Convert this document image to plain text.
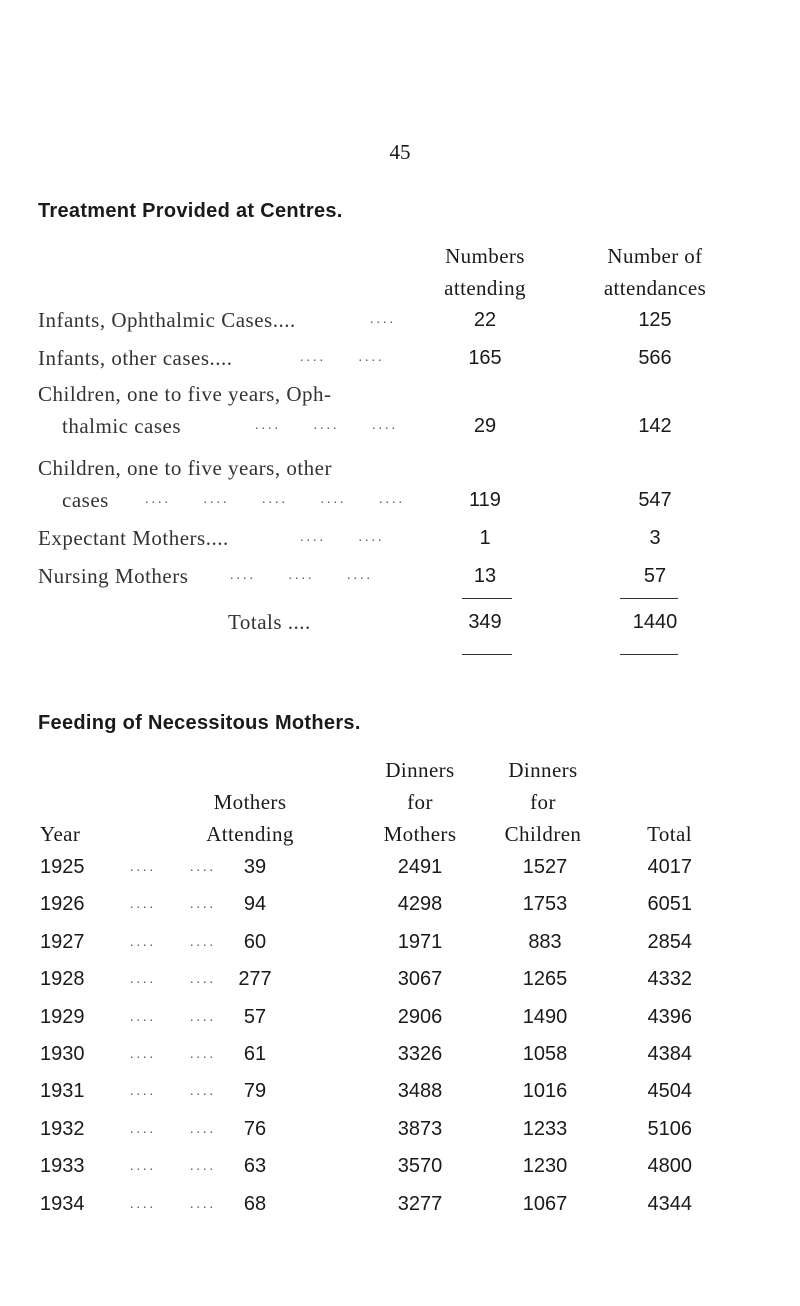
45
Treatment Provided at Centres.
Numbers
attending
Number of
attendances
Infants, Ophthalmic Cases....	....	22	125
Infants, other cases....	....     ....	165	566
Children, one to five years, Oph-
thalmic cases	....     ....     ....	29	142
Children, one to five years, other
cases	....     ....     ....     ....     ....	119	547
Expectant Mothers....	....     ....	1	3
Nursing Mothers	....     ....     ....	13	57
Totals ....	349	1440
Feeding of Necessitous Mothers.
Year
Mothers
Attending
Dinners
for
Mothers
Dinners
for
Children	Total
1925	39	2491	1527	4017
.... ....
1926	94	4298	1753	6051
.... ....
1927	60	1971	883	2854
.... ....
1928	277	3067	1265	4332
.... ....
1929	57	2906	1490	4396
.... ....
1930	61	3326	1058	4384
.... ....
1931	79	3488	1016	4504
.... ....
1932	76	3873	1233	5106
.... ....
1933	63	3570	1230	4800
.... ....
1934	68	3277	1067	4344
.... ....
